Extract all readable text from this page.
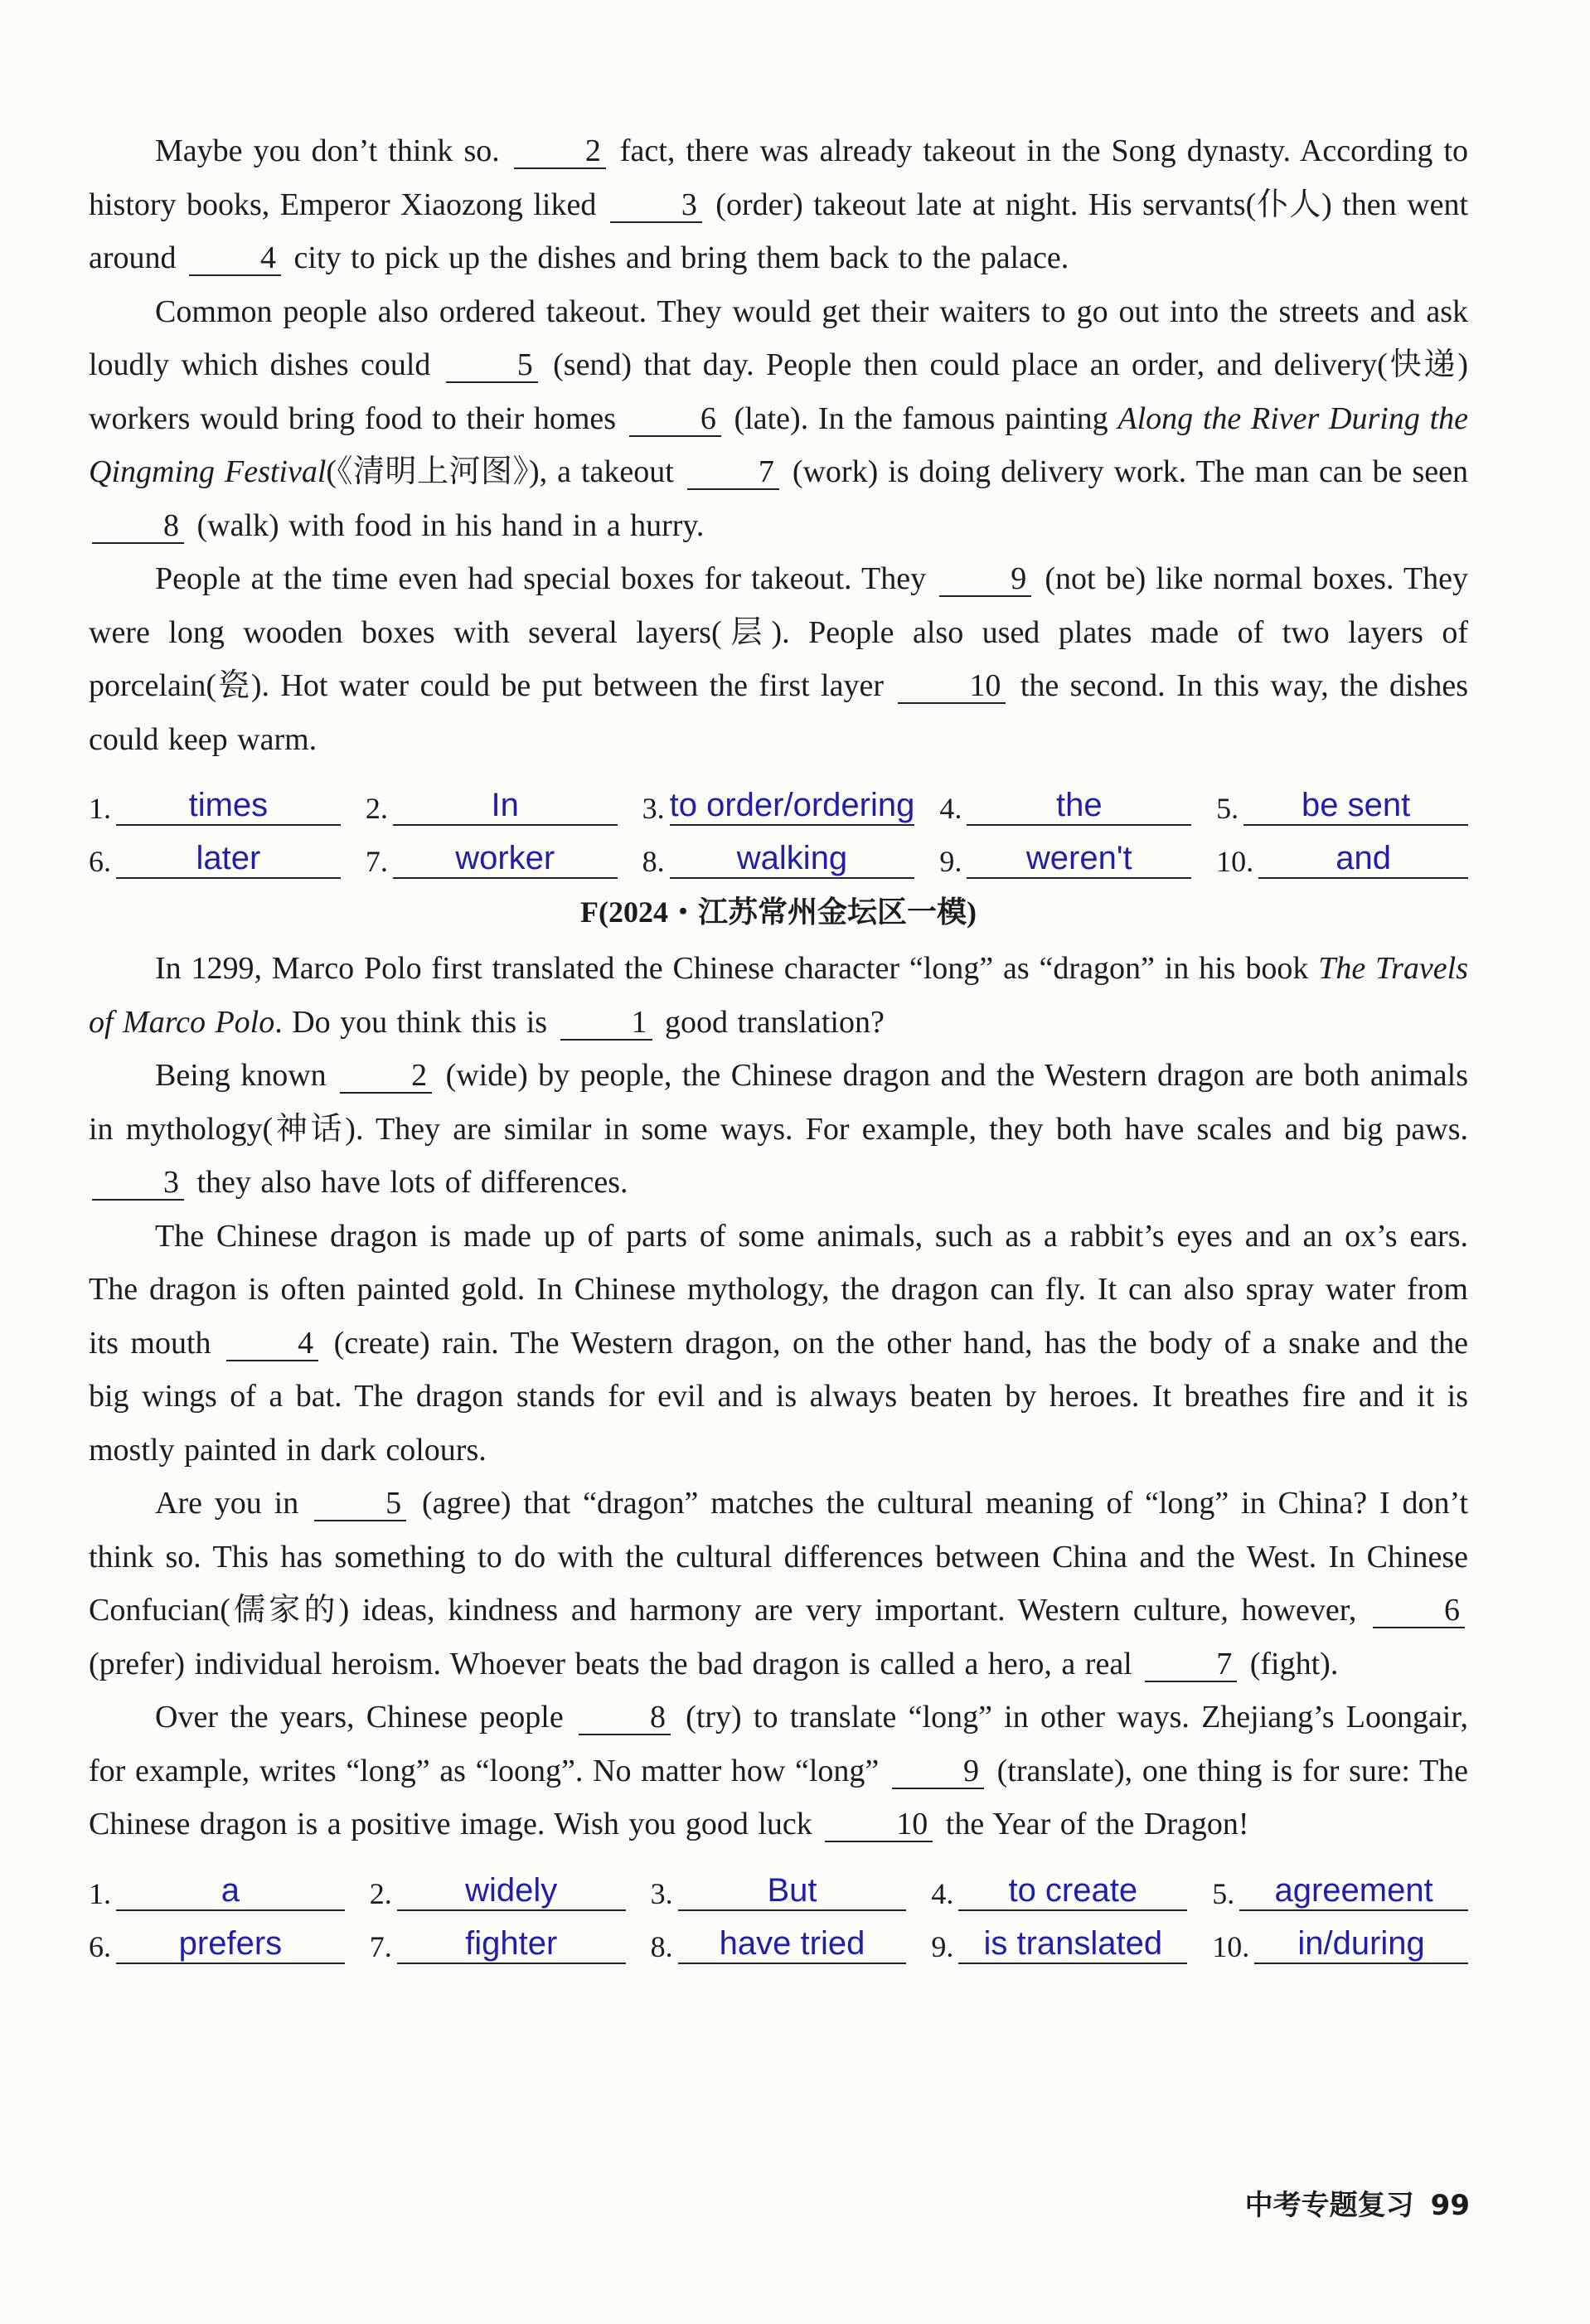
Maybe you don’t think so.	2 fact, there was already takeout in the Song dynasty. According to history books, Emperor Xiaozong liked	3 (order) takeout late at night. His servants(仆人) then went around	4 city to pick up the dishes and bring them back to the palace.

Common people also ordered takeout. They would get their waiters to go out into the streets and ask loudly which dishes could	5 (send) that day. People then could place an order, and delivery(快递) workers would bring food to their homes	6 (late). In the famous painting Along the River During the Qingming Festival(《清明上河图》), a takeout	7 (work) is doing delivery work. The man can be seen 8 (walk) with food in his hand in a hurry.

People at the time even had special boxes for takeout. They	9 (not be) like normal boxes. They were long wooden boxes with several layers(层). People also used plates made of two layers of porcelain(瓷). Hot water could be put between the first layer	10 the second. In this way, the dishes could keep warm.

1.	times	2.	In	3. to order/ordering 4.	the	5.	be sent
6.	later	7.	worker	8.	walking	9.	weren't	10.	and
F(2024・江苏常州金坛区一模)

In 1299, Marco Polo first translated the Chinese character “long” as “dragon” in his book The Travels of Marco Polo. Do you think this is	1 good translation?

Being known	2 (wide) by people, the Chinese dragon and the Western dragon are both animals in mythology(神话). They are similar in some ways. For example, they both have scales and big paws. 3 they also have lots of differences.

The Chinese dragon is made up of parts of some animals, such as a rabbit’s eyes and an ox’s ears. The dragon is often painted gold. In Chinese mythology, the dragon can fly. It can also spray water from its mouth	4 (create) rain. The Western dragon, on the other hand, has the body of a snake and the big wings of a bat. The dragon stands for evil and is always beaten by heroes. It breathes fire and it is mostly painted in dark colours.

Are you in	5 (agree) that “dragon” matches the cultural meaning of “long” in China? I don’t think so. This has something to do with the cultural differences between China and the West. In Chinese Confucian(儒家的) ideas, kindness and harmony are very important. Western culture, however,	6 (prefer) individual heroism. Whoever beats the bad dragon is called a hero, a real	7 (fight).

Over the years, Chinese people	8 (try) to translate “long” in other ways. Zhejiang’s Loongair, for example, writes “long” as “loong”. No matter how “long”	9 (translate), one thing is for sure: The Chinese dragon is a positive image. Wish you good luck	10 the Year of the Dragon!

1.	a	2.	widely	3.	But	4.	to create	5.	agreement
6.	prefers	7.	fighter	8.	have tried	9. is translated	10.	in/during
中考专题复习 99
